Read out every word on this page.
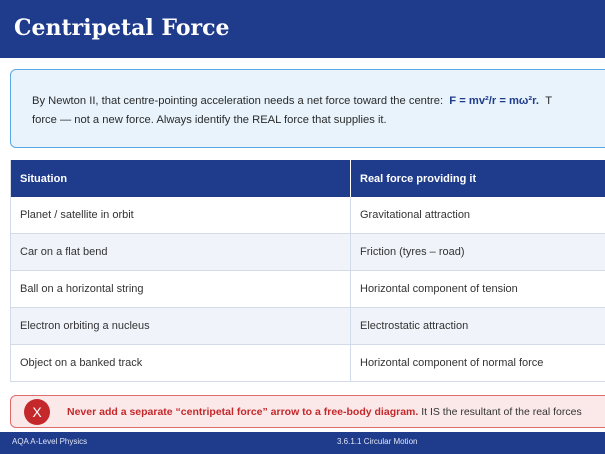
Centripetal Force
By Newton II, that centre-pointing acceleration needs a net force toward the centre: F = mv²/r = mω²r. T
force — not a new force. Always identify the REAL force that supplies it.
Situation	Real force providing it
Planet / satellite in orbit	Gravitational attraction
Car on a flat bend	Friction (tyres – road)
Ball on a horizontal string	Horizontal component of tension
Electron orbiting a nucleus	Electrostatic attraction
Object on a banked track	Horizontal component of normal force
X	Never add a separate “centripetal force” arrow to a free-body diagram. It IS the resultant of the real forces
AQA A-Level Physics	3.6.1.1 Circular Motion
